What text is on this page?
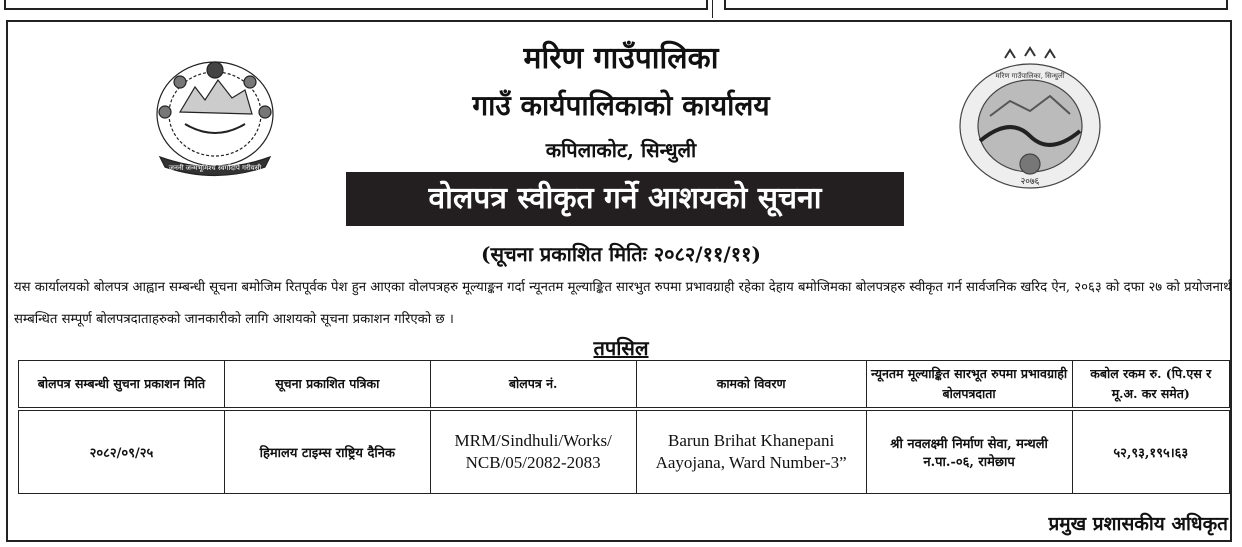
जननी जन्मभूमिश्च स्वर्गादपि गरीयसी
मरिण गाउँपालिका, सिन्धुली
२०७६
मरिण गाउँपालिका
गाउँ कार्यपालिकाको कार्यालय
कपिलाकोट, सिन्धुली
वोलपत्र स्वीकृत गर्ने आशयको सूचना
(सूचना प्रकाशित मितिः २०८२/११/११)
यस कार्यालयको बोलपत्र आह्वान सम्बन्धी सूचना बमोजिम रितपूर्वक पेश हुन आएका वोलपत्रहरु मूल्याङ्कन गर्दा न्यूनतम मूल्याङ्कित सारभुत रुपमा प्रभावग्राही रहेका देहाय बमोजिमका बोलपत्रहरु स्वीकृत गर्न सार्वजनिक खरिद ऐन, २०६३ को दफा २७ को प्रयोजनार्थ सम्बन्धित सम्पूर्ण बोलपत्रदाताहरुको जानकारीको लागि आशयको सूचना प्रकाशन गरिएको छ ।
तपसिल
बोलपत्र सम्बन्धी सुचना प्रकाशन मिति	सूचना प्रकाशित पत्रिका	बोलपत्र नं.	कामको विवरण	न्यूनतम मूल्याङ्कित सारभूत रुपमा प्रभावग्राही बोलपत्रदाता	कबोल रकम रु. (पि.एस र मू.अ. कर समेत)
२०८२/०९/२५	हिमालय टाइम्स राष्ट्रिय दैनिक	MRM/Sindhuli/Works/ NCB/05/2082-2083	Barun Brihat Khanepani Aayojana, Ward Number-3”	श्री नवलक्ष्मी निर्माण सेवा, मन्थली न.पा.-०६, रामेछाप	५२,९३,१९५।६३
प्रमुख प्रशासकीय अधिकृत
